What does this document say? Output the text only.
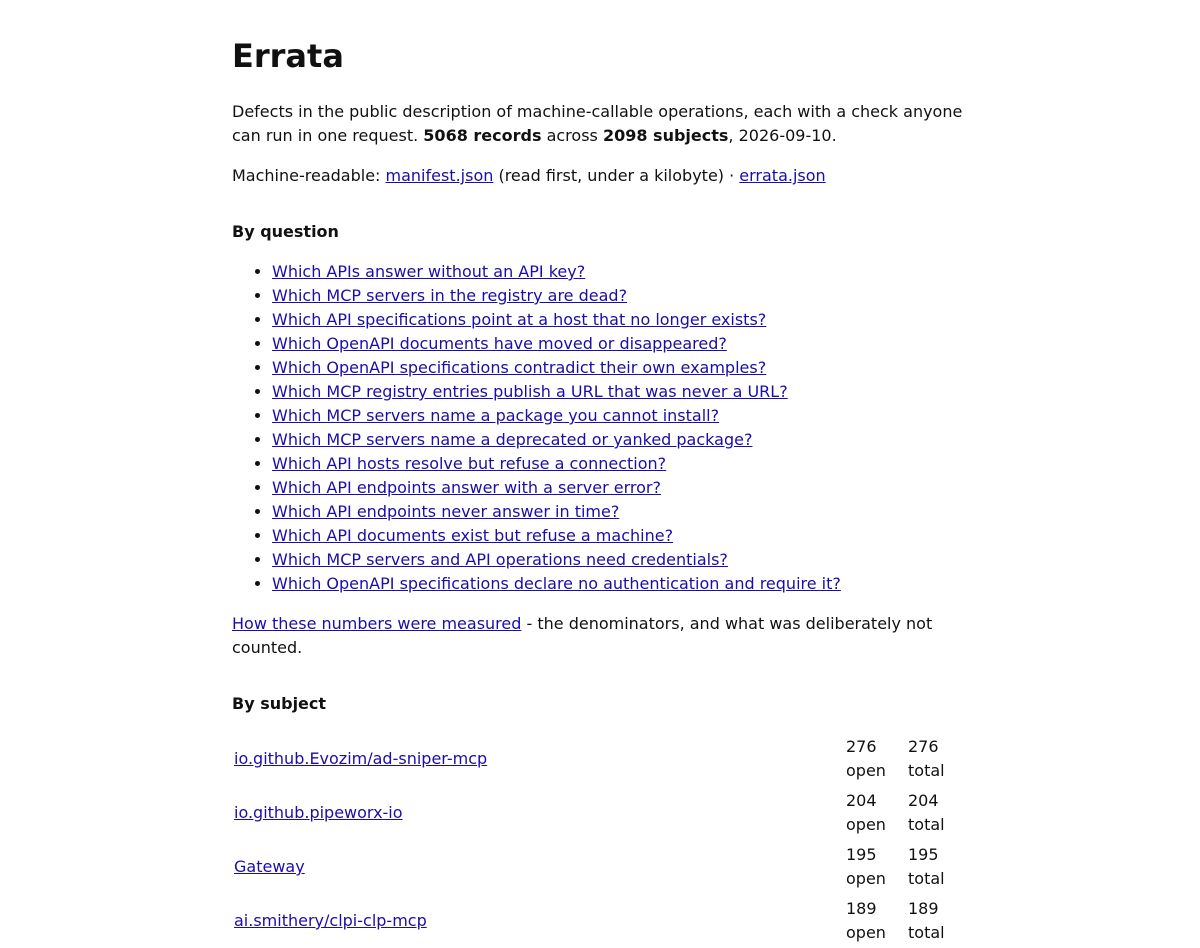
Errata

Defects in the public description of machine-callable operations, each with a check anyone can run in one request. 5068 records across 2098 subjects, 2026-09-10.

Machine-readable: manifest.json (read first, under a kilobyte) · errata.json

By question
• Which APIs answer without an API key?
• Which MCP servers in the registry are dead?
• Which API specifications point at a host that no longer exists?
• Which OpenAPI documents have moved or disappeared?
• Which OpenAPI specifications contradict their own examples?
• Which MCP registry entries publish a URL that was never a URL?
• Which MCP servers name a package you cannot install?
• Which MCP servers name a deprecated or yanked package?
• Which API hosts resolve but refuse a connection?
• Which API endpoints answer with a server error?
• Which API endpoints never answer in time?
• Which API documents exist but refuse a machine?
• Which MCP servers and API operations need credentials?
• Which OpenAPI specifications declare no authentication and require it?

How these numbers were measured - the denominators, and what was deliberately not counted.

By subject
io.github.Evozim/ad-sniper-mcp	276 open	276 total
io.github.pipeworx-io	204 open	204 total
Gateway	195 open	195 total
ai.smithery/clpi-clp-mcp	189 open	189 total
